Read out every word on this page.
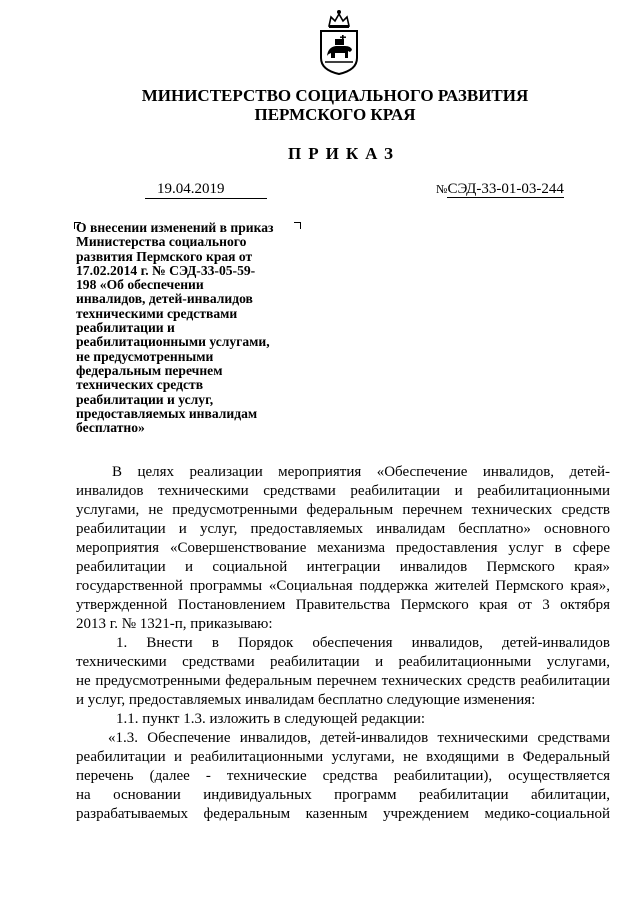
МИНИСТЕРСТВО СОЦИАЛЬНОГО РАЗВИТИЯ
ПЕРМСКОГО КРАЯ
ПРИКАЗ
19.04.2019	№СЭД-33-01-03-244
О внесении изменений в приказ
Министерства социального
развития Пермского края от
17.02.2014 г. № СЭД-33-05-59-
198 «Об обеспечении
инвалидов, детей-инвалидов
техническими средствами
реабилитации и
реабилитационными услугами,
не предусмотренными
федеральным перечнем
технических средств
реабилитации и услуг,
предоставляемых инвалидам
бесплатно»
В целях реализации мероприятия «Обеспечение инвалидов, детей-
инвалидов техническими средствами реабилитации и реабилитационными
услугами, не предусмотренными федеральным перечнем технических средств
реабилитации и услуг, предоставляемых инвалидам бесплатно» основного
мероприятия «Совершенствование механизма предоставления услуг в сфере
реабилитации и социальной интеграции инвалидов Пермского края»
государственной программы «Социальная поддержка жителей Пермского края»,
утвержденной Постановлением Правительства Пермского края от 3 октября
2013 г. № 1321-п, приказываю:
1. Внести в Порядок обеспечения инвалидов, детей-инвалидов
техническими средствами реабилитации и реабилитационными услугами,
не предусмотренными федеральным перечнем технических средств реабилитации
и услуг, предоставляемых инвалидам бесплатно следующие изменения:
1.1. пункт 1.3. изложить в следующей редакции:
«1.3. Обеспечение инвалидов, детей-инвалидов техническими средствами
реабилитации и реабилитационными услугами, не входящими в Федеральный
перечень (далее - технические средства реабилитации), осуществляется
на основании индивидуальных программ реабилитации абилитации,
разрабатываемых федеральным казенным учреждением медико-социальной
